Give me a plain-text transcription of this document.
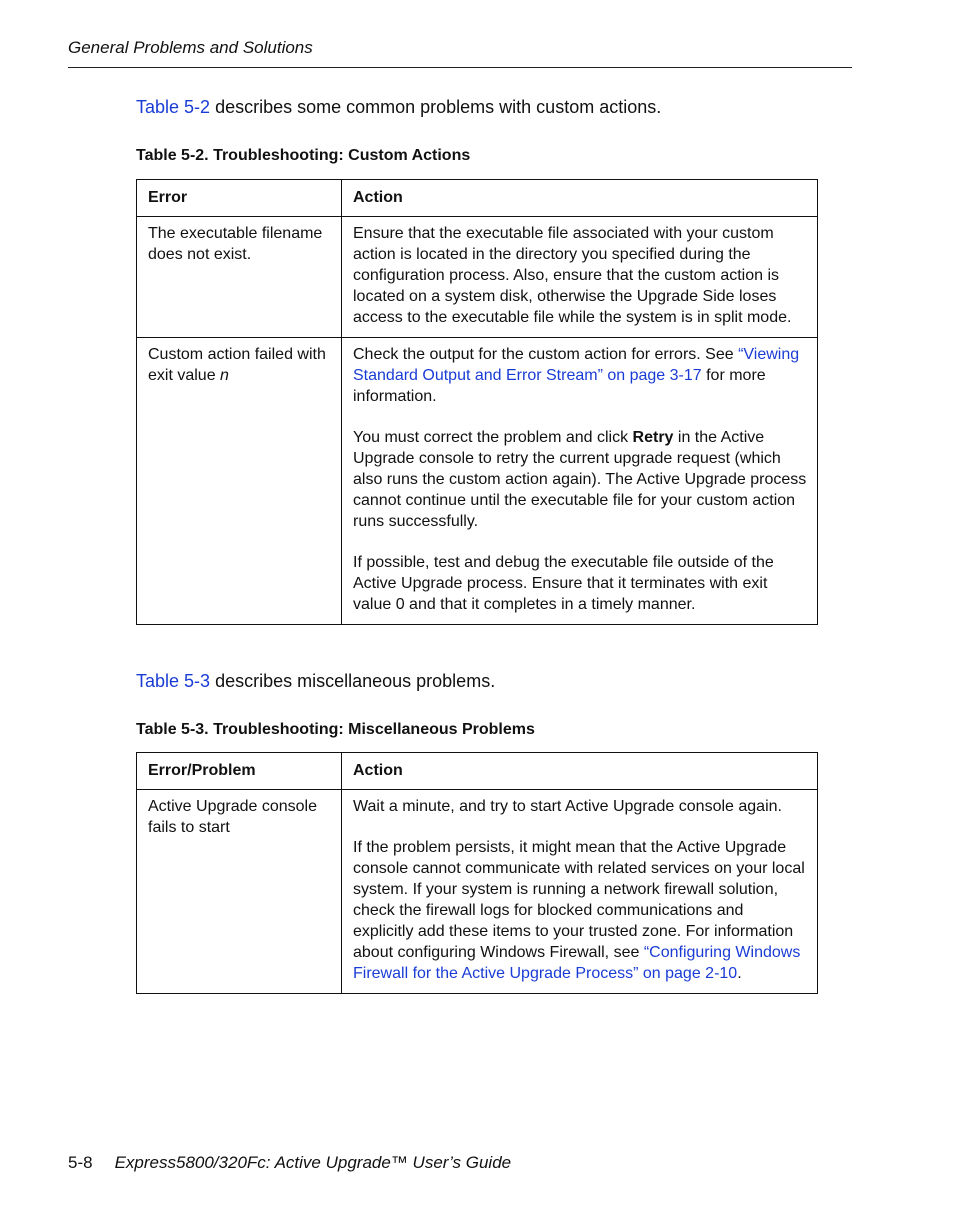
General Problems and Solutions

Table 5-2 describes some common problems with custom actions.

Table 5-2. Troubleshooting: Custom Actions

Error	Action
The executable filename does not exist.	Ensure that the executable file associated with your custom action is located in the directory you specified during the configuration process. Also, ensure that the custom action is located on a system disk, otherwise the Upgrade Side loses access to the executable file while the system is in split mode.
Custom action failed with exit value n	Check the output for the custom action for errors. See “Viewing Standard Output and Error Stream” on page 3-17 for more information.

You must correct the problem and click Retry in the Active Upgrade console to retry the current upgrade request (which also runs the custom action again). The Active Upgrade process cannot continue until the executable file for your custom action runs successfully.

If possible, test and debug the executable file outside of the Active Upgrade process. Ensure that it terminates with exit value 0 and that it completes in a timely manner.

Table 5-3 describes miscellaneous problems.

Table 5-3. Troubleshooting: Miscellaneous Problems

Error/Problem	Action
Active Upgrade console fails to start	Wait a minute, and try to start Active Upgrade console again.

If the problem persists, it might mean that the Active Upgrade console cannot communicate with related services on your local system. If your system is running a network firewall solution, check the firewall logs for blocked communications and explicitly add these items to your trusted zone. For information about configuring Windows Firewall, see “Configuring Windows Firewall for the Active Upgrade Process” on page 2-10.

5-8 Express5800/320Fc: Active Upgrade™ User’s Guide
